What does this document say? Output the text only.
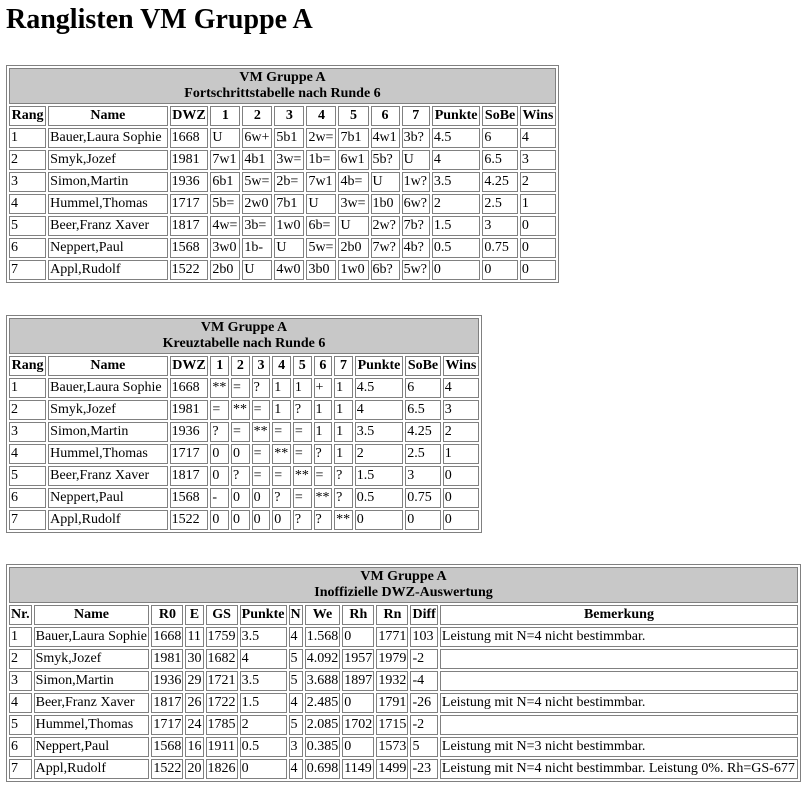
Ranglisten VM Gruppe A
VM Gruppe A
Fortschrittstabelle nach Runde 6												

Rang	Name	DWZ	1	2	3	4	5	6	7	Punkte	SoBe	Wins
1	Bauer,Laura Sophie	1668	U	6w+	5b1	2w=	7b1	4w1	3b?	4.5	6	4
2	Smyk,Jozef	1981	7w1	4b1	3w=	1b=	6w1	5b?	U	4	6.5	3
3	Simon,Martin	1936	6b1	5w=	2b=	7w1	4b=	U	1w?	3.5	4.25	2
4	Hummel,Thomas	1717	5b=	2w0	7b1	U	3w=	1b0	6w?	2	2.5	1
5	Beer,Franz Xaver	1817	4w=	3b=	1w0	6b=	U	2w?	7b?	1.5	3	0
6	Neppert,Paul	1568	3w0	1b-	U	5w=	2b0	7w?	4b?	0.5	0.75	0
7	Appl,Rudolf	1522	2b0	U	4w0	3b0	1w0	6b?	5w?	0	0	0
VM Gruppe A
Kreuztabelle nach Runde 6												

Rang	Name	DWZ	1	2	3	4	5	6	7	Punkte	SoBe	Wins
1	Bauer,Laura Sophie	1668	**	=	?	1	1	+	1	4.5	6	4
2	Smyk,Jozef	1981	=	**	=	1	?	1	1	4	6.5	3
3	Simon,Martin	1936	?	=	**	=	=	1	1	3.5	4.25	2
4	Hummel,Thomas	1717	0	0	=	**	=	?	1	2	2.5	1
5	Beer,Franz Xaver	1817	0	?	=	=	**	=	?	1.5	3	0
6	Neppert,Paul	1568	-	0	0	?	=	**	?	0.5	0.75	0
7	Appl,Rudolf	1522	0	0	0	0	?	?	**	0	0	0
VM Gruppe A
Inoffizielle DWZ-Auswertung											

Nr.	Name	R0	E	GS	Punkte	N	We	Rh	Rn	Diff	Bemerkung
1	Bauer,Laura Sophie	1668	11	1759	3.5	4	1.568	0	1771	103	Leistung mit N=4 nicht bestimmbar.
2	Smyk,Jozef	1981	30	1682	4	5	4.092	1957	1979	-2	
3	Simon,Martin	1936	29	1721	3.5	5	3.688	1897	1932	-4	
4	Beer,Franz Xaver	1817	26	1722	1.5	4	2.485	0	1791	-26	Leistung mit N=4 nicht bestimmbar.
5	Hummel,Thomas	1717	24	1785	2	5	2.085	1702	1715	-2	
6	Neppert,Paul	1568	16	1911	0.5	3	0.385	0	1573	5	Leistung mit N=3 nicht bestimmbar.
7	Appl,Rudolf	1522	20	1826	0	4	0.698	1149	1499	-23	Leistung mit N=4 nicht bestimmbar. Leistung 0%. Rh=GS-677
